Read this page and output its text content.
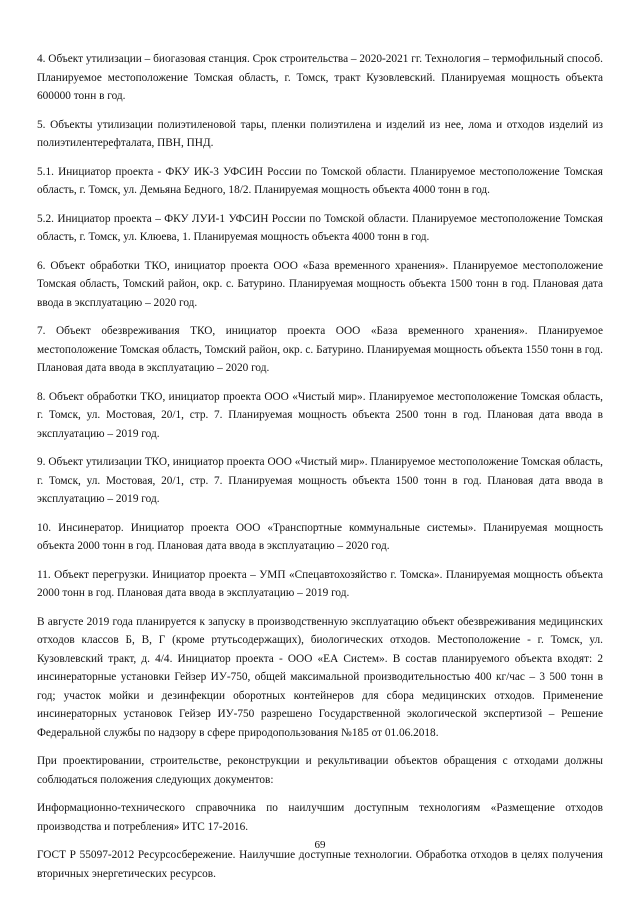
4. Объект утилизации – биогазовая станция. Срок строительства – 2020-2021 гг. Технология – термофильный способ. Планируемое местоположение Томская область, г. Томск, тракт Кузовлевский. Планируемая мощность объекта 600000 тонн в год.

5. Объекты утилизации полиэтиленовой тары, пленки полиэтилена и изделий из нее, лома и отходов изделий из полиэтилентерефталата, ПВН, ПНД.

5.1. Инициатор проекта - ФКУ ИК-3 УФСИН России по Томской области. Планируемое местоположение Томская область, г. Томск, ул. Демьяна Бедного, 18/2. Планируемая мощность объекта 4000 тонн в год.

5.2. Инициатор проекта – ФКУ ЛУИ-1 УФСИН России по Томской области. Планируемое местоположение Томская область, г. Томск, ул. Клюева, 1. Планируемая мощность объекта 4000 тонн в год.

6. Объект обработки ТКО, инициатор проекта ООО «База временного хранения». Планируемое местоположение Томская область, Томский район, окр. с. Батурино. Планируемая мощность объекта 1500 тонн в год. Плановая дата ввода в эксплуатацию – 2020 год.

7. Объект обезвреживания ТКО, инициатор проекта ООО «База временного хранения». Планируемое местоположение Томская область, Томский район, окр. с. Батурино. Планируемая мощность объекта 1550 тонн в год. Плановая дата ввода в эксплуатацию – 2020 год.

8. Объект обработки ТКО, инициатор проекта ООО «Чистый мир». Планируемое местоположение Томская область, г. Томск, ул. Мостовая, 20/1, стр. 7. Планируемая мощность объекта 2500 тонн в год. Плановая дата ввода в эксплуатацию – 2019 год.

9. Объект утилизации ТКО, инициатор проекта ООО «Чистый мир». Планируемое местоположение Томская область, г. Томск, ул. Мостовая, 20/1, стр. 7. Планируемая мощность объекта 1500 тонн в год. Плановая дата ввода в эксплуатацию – 2019 год.

10. Инсинератор. Инициатор проекта ООО «Транспортные коммунальные системы». Планируемая мощность объекта 2000 тонн в год. Плановая дата ввода в эксплуатацию – 2020 год.

11. Объект перегрузки. Инициатор проекта – УМП «Спецавтохозяйство г. Томска». Планируемая мощность объекта 2000 тонн в год. Плановая дата ввода в эксплуатацию – 2019 год.

В августе 2019 года планируется к запуску в производственную эксплуатацию объект обезвреживания медицинских отходов классов Б, В, Г (кроме ртутьсодержащих), биологических отходов. Местоположение - г. Томск, ул. Кузовлевский тракт, д. 4/4. Инициатор проекта - ООО «ЕА Систем». В состав планируемого объекта входят: 2 инсинераторные установки Гейзер ИУ-750, общей максимальной производительностью 400 кг/час – 3 500 тонн в год; участок мойки и дезинфекции оборотных контейнеров для сбора медицинских отходов. Применение инсинераторных установок Гейзер ИУ-750 разрешено Государственной экологической экспертизой – Решение Федеральной службы по надзору в сфере природопользования №185 от 01.06.2018.

При проектировании, строительстве, реконструкции и рекультивации объектов обращения с отходами должны соблюдаться положения следующих документов:

Информационно-технического справочника по наилучшим доступным технологиям «Размещение отходов производства и потребления» ИТС 17-2016.

ГОСТ Р 55097-2012 Ресурсосбережение. Наилучшие доступные технологии. Обработка отходов в целях получения вторичных энергетических ресурсов.

69
